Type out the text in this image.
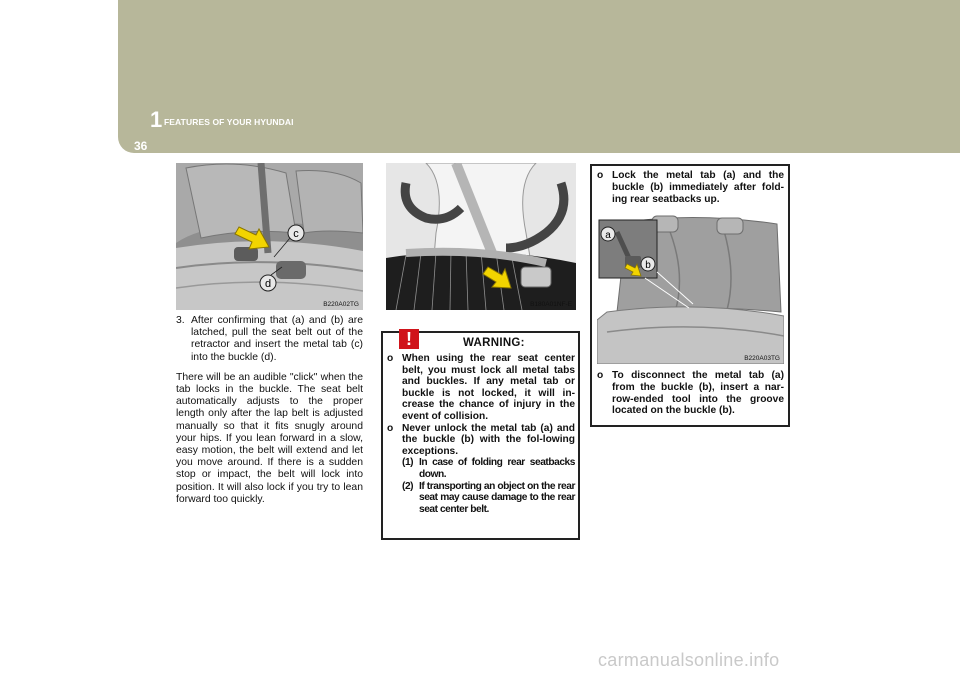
1 FEATURES OF YOUR HYUNDAI
36
c
d
B220A02TG	B180A01NF-E
3. After confirming that (a) and (b) are latched, pull the seat belt out of the retractor and insert the metal tab (c) into the buckle (d).

There will be an audible "click" when the tab locks in the buckle. The seat belt automatically adjusts to the proper length only after the lap belt is adjusted manually so that it fits snugly around your hips. If you lean forward in a slow, easy motion, the belt will extend and let you move around. If there is a sudden stop or impact, the belt will lock into position. It will also lock if you try to lean forward too quickly.

!	WARNING:
o When using the rear seat center belt, you must lock all metal tabs and buckles. If any metal tab or buckle is not locked, it will in-crease the chance of injury in the event of collision.
o Never unlock the metal tab (a) and the buckle (b) with the fol-lowing exceptions.
(1) In case of folding rear seatbacks down.
(2) If transporting an object on the rear seat may cause damage to the rear seat center belt.
o Lock the metal tab (a) and the buckle (b) immediately after fold-ing rear seatbacks up.
a
b
B220A03TG
o To disconnect the metal tab (a) from the buckle (b), insert a nar-row-ended tool into the groove located on the buckle (b).
carmanualsonline.info
